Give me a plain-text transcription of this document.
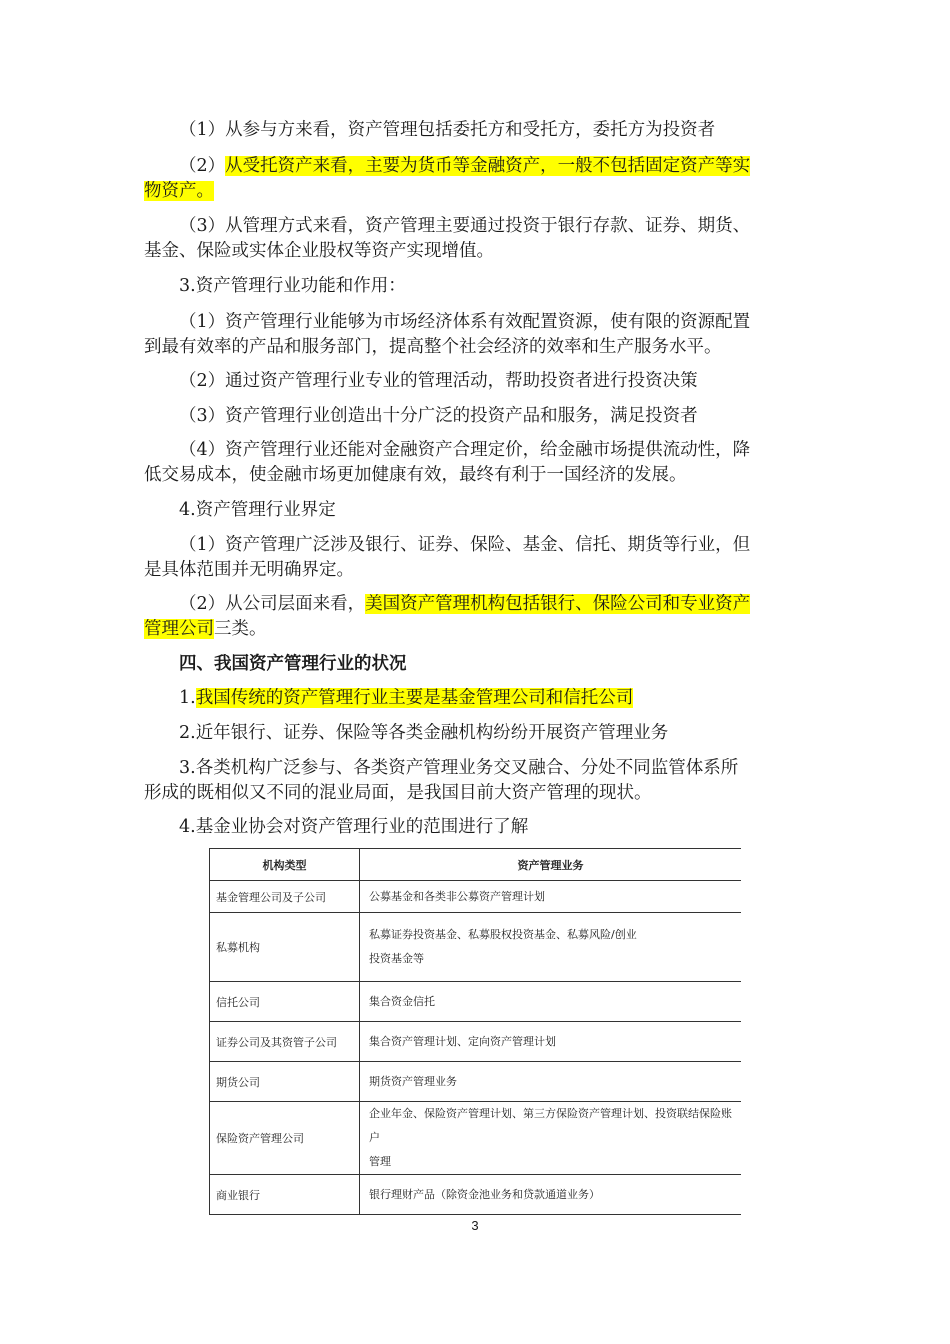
（1）从参与方来看，资产管理包括委托方和受托方，委托方为投资者
（2）从受托资产来看，主要为货币等金融资产，一般不包括固定资产等实
物资产。
（3）从管理方式来看，资产管理主要通过投资于银行存款、证券、期货、
基金、保险或实体企业股权等资产实现增值。
3.资产管理行业功能和作用：
（1）资产管理行业能够为市场经济体系有效配置资源，使有限的资源配置
到最有效率的产品和服务部门，提高整个社会经济的效率和生产服务水平。
（2）通过资产管理行业专业的管理活动，帮助投资者进行投资决策
（3）资产管理行业创造出十分广泛的投资产品和服务，满足投资者
（4）资产管理行业还能对金融资产合理定价，给金融市场提供流动性，降
低交易成本，使金融市场更加健康有效，最终有利于一国经济的发展。
4.资产管理行业界定
（1）资产管理广泛涉及银行、证券、保险、基金、信托、期货等行业，但
是具体范围并无明确界定。
（2）从公司层面来看，美国资产管理机构包括银行、保险公司和专业资产
管理公司三类。
四、我国资产管理行业的状况
1.我国传统的资产管理行业主要是基金管理公司和信托公司
2.近年银行、证券、保险等各类金融机构纷纷开展资产管理业务
3.各类机构广泛参与、各类资产管理业务交叉融合、分处不同监管体系所
形成的既相似又不同的混业局面，是我国目前大资产管理的现状。
4.基金业协会对资产管理行业的范围进行了解
机构类型	资产管理业务
基金管理公司及子公司	公募基金和各类非公募资产管理计划
私募机构	私募证券投资基金、私募股权投资基金、私募风险/创业
投资基金等

信托公司	集合资金信托
证券公司及其资管子公司	集合资产管理计划、定向资产管理计划
期货公司	期货资产管理业务
保险资产管理公司	企业年金、保险资产管理计划、第三方保险资产管理计划、投资联结保险账户
管理

商业银行	银行理财产品（除资金池业务和贷款通道业务）
3
